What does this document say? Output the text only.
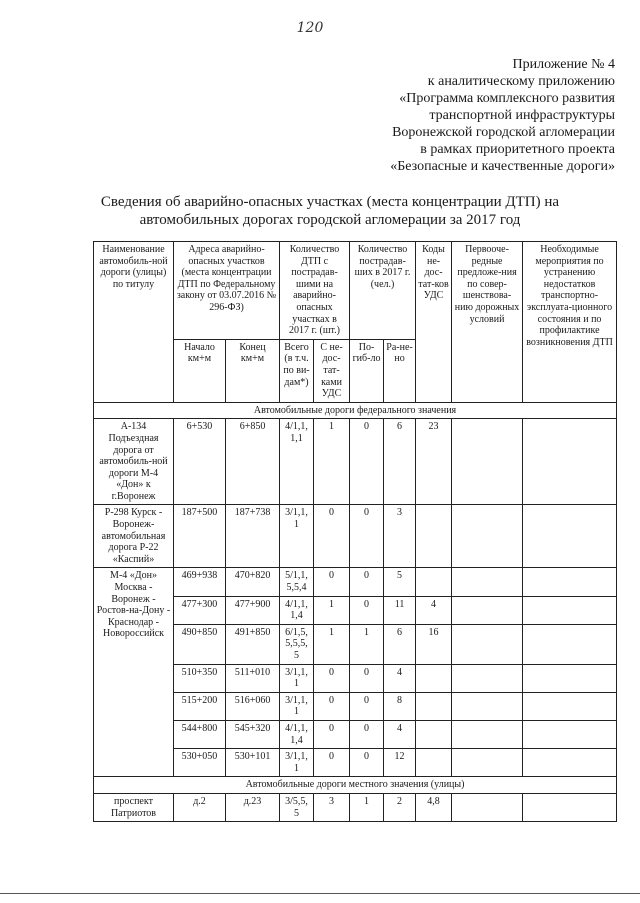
120
Приложение № 4
к аналитическому приложению
«Программа комплексного развития
транспортной инфраструктуры
Воронежской городской агломерации
в рамках приоритетного проекта
«Безопасные и качественные дороги»
Сведения об аварийно-опасных участках (места концентрации ДТП) на
автомобильных дорогах городской агломерации за 2017 год
Наименование автомобиль-ной дороги (улицы) по титулу	Адреса аварийно-опасных участков (места концентрации ДТП по Федеральному закону от 03.07.2016 № 296-ФЗ)		Количество ДТП с пострадав-шими на аварийно-опасных участках в 2017 г. (шт.)		Количество пострадав-ших в 2017 г. (чел.)		Коды не-дос-тат-ков УДС	Первооче-редные предложе-ния по совер-шенствова-нию дорожных условий	Необходимые мероприятия по устранению недостатков транспортно-эксплуата-ционного состояния и по профилактике возникновения ДТП
	Начало км+м	Конец км+м	Всего (в т.ч. по ви-дам*)	С не-дос-тат-ками УДС	По-гиб-ло	Ра-не-но			
Автомобильные дороги федерального значения									
А-134 Подъездная дорога от автомобиль-ной дороги М-4 «Дон» к г.Воронеж	6+530	6+850	4/1,1, 1,1	1	0	6	23		
Р-298 Курск - Воронеж-автомобильная дорога Р-22 «Каспий»	187+500	187+738	3/1,1, 1	0	0	3			
М-4 «Дон» Москва - Воронеж - Ростов-на-Дону - Краснодар - Новороссийск	469+938	470+820	5/1,1, 5,5,4	0	0	5			
	477+300	477+900	4/1,1, 1,4	1	0	11	4		
	490+850	491+850	6/1,5, 5,5,5, 5	1	1	6	16		
	510+350	511+010	3/1,1, 1	0	0	4			
	515+200	516+060	3/1,1, 1	0	0	8			
	544+800	545+320	4/1,1, 1,4	0	0	4			
	530+050	530+101	3/1,1, 1	0	0	12			
Автомобильные дороги местного значения (улицы)									
проспект Патриотов	д.2	д.23	3/5,5, 5	3	1	2	4,8		
